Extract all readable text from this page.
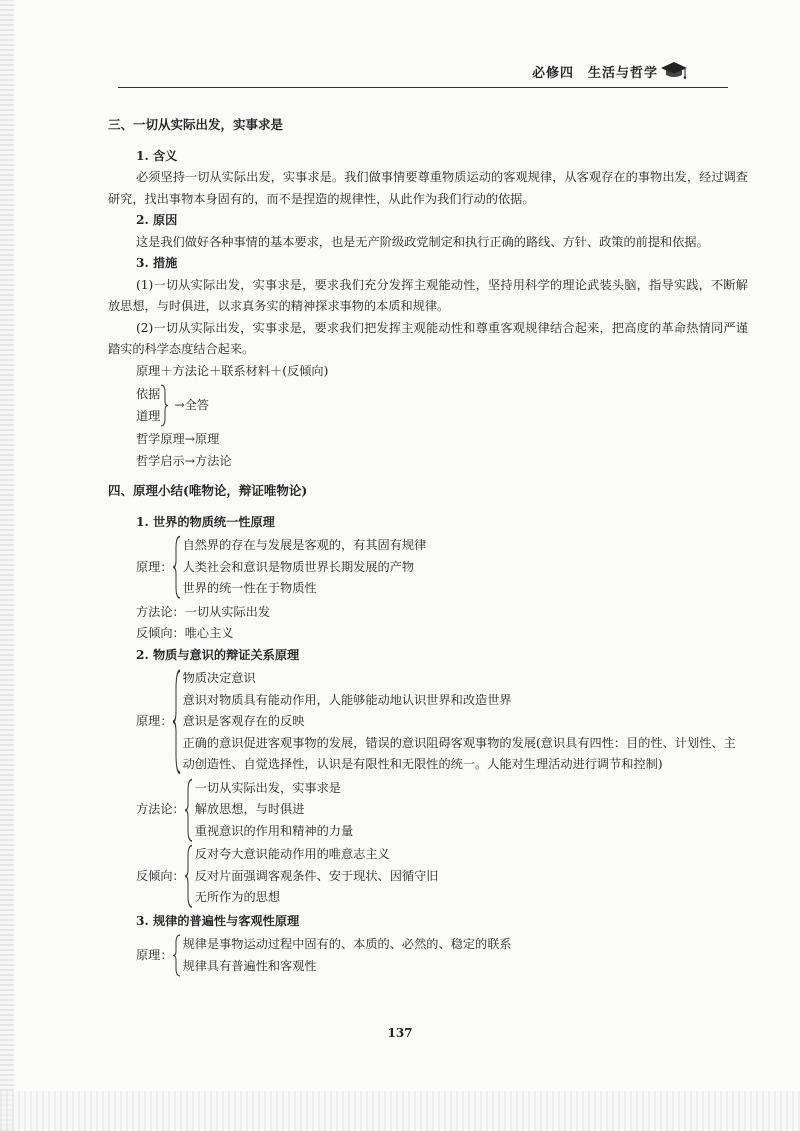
必修四　生活与哲学
三、一切从实际出发，实事求是
1. 含义

必须坚持一切从实际出发，实事求是。我们做事情要尊重物质运动的客观规律，从客观存在的事物出发，经过调查研究，找出事物本身固有的，而不是捏造的规律性，从此作为我们行动的依据。

2. 原因

这是我们做好各种事情的基本要求，也是无产阶级政党制定和执行正确的路线、方针、政策的前提和依据。

3. 措施

(1)一切从实际出发，实事求是，要求我们充分发挥主观能动性，坚持用科学的理论武装头脑，指导实践，不断解放思想，与时俱进，以求真务实的精神探求事物的本质和规律。

(2)一切从实际出发，实事求是，要求我们把发挥主观能动性和尊重客观规律结合起来，把高度的革命热情同严谨踏实的科学态度结合起来。

原理＋方法论＋联系材料＋(反倾向)
依据
道理
→全答
哲学原理→原理
哲学启示→方法论
四、原理小结(唯物论，辩证唯物论)
1. 世界的物质统一性原理
原理：
自然界的存在与发展是客观的，有其固有规律
人类社会和意识是物质世界长期发展的产物
世界的统一性在于物质性
方法论：一切从实际出发
反倾向：唯心主义
2. 物质与意识的辩证关系原理
原理：
物质决定意识
意识对物质具有能动作用，人能够能动地认识世界和改造世界
意识是客观存在的反映
正确的意识促进客观事物的发展，错误的意识阻碍客观事物的发展(意识具有四性：目的性、计划性、主动创造性、自觉选择性，认识是有限性和无限性的统一。人能对生理活动进行调节和控制)
方法论：
一切从实际出发，实事求是
解放思想，与时俱进
重视意识的作用和精神的力量
反倾向：
反对夸大意识能动作用的唯意志主义
反对片面强调客观条件、安于现状、因循守旧
无所作为的思想
3. 规律的普遍性与客观性原理
原理：
规律是事物运动过程中固有的、本质的、必然的、稳定的联系
规律具有普遍性和客观性
137
